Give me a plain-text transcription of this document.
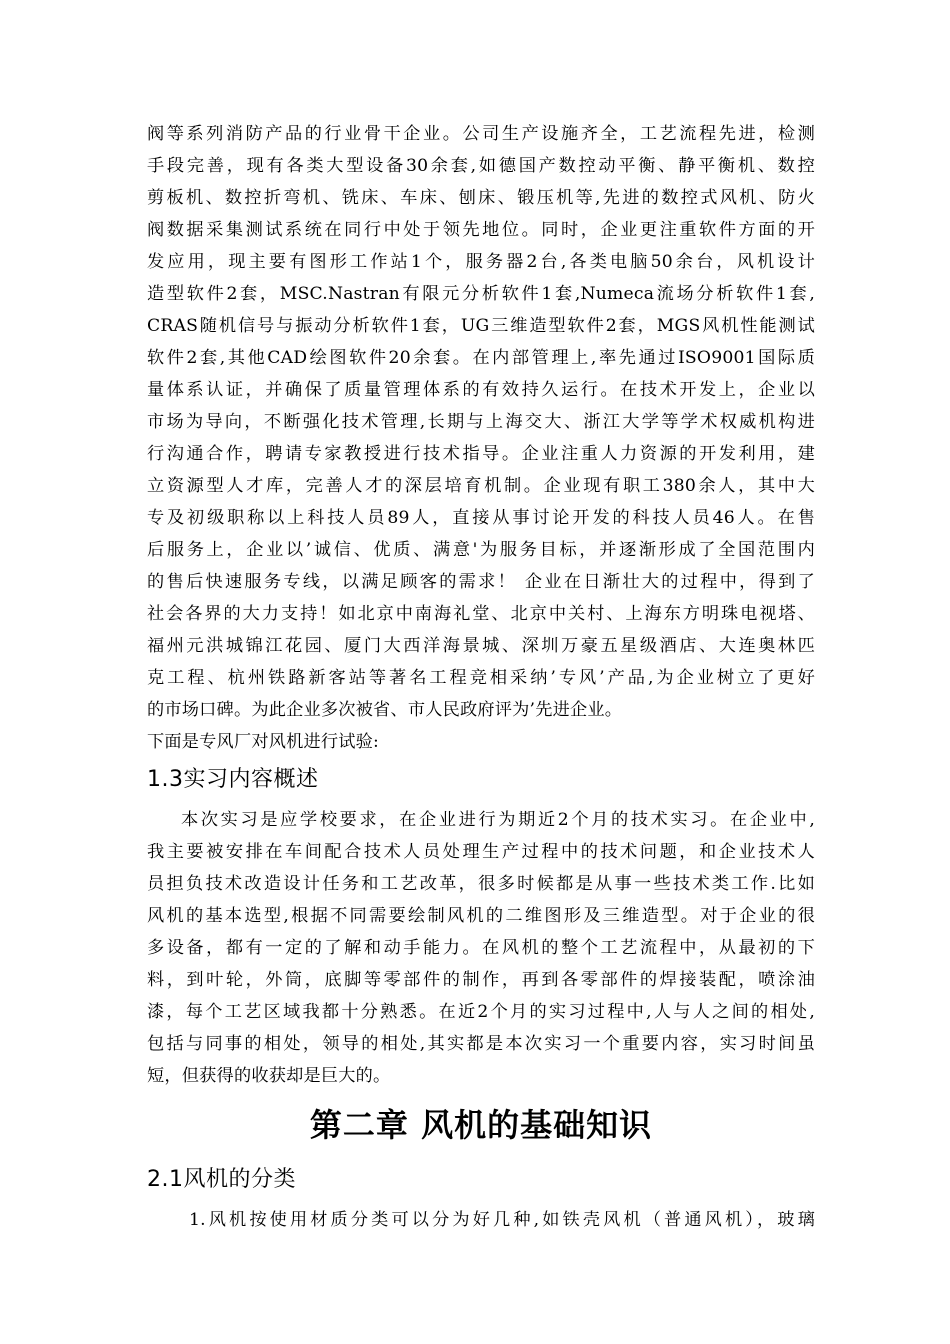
阀等系列消防产品的行业骨干企业。公司生产设施齐全，工艺流程先进，检测

手段完善，现有各类大型设备30余套,如德国产数控动平衡、静平衡机、数控

剪板机、数控折弯机、铣床、车床、刨床、锻压机等,先进的数控式风机、防火

阀数据采集测试系统在同行中处于领先地位。同时，企业更注重软件方面的开

发应用，现主要有图形工作站1个，服务器2台,各类电脑50余台，风机设计

造型软件2套，MSC.Nastran有限元分析软件1套,Numeca流场分析软件1套,

CRAS随机信号与振动分析软件1套，UG三维造型软件2套，MGS风机性能测试

软件2套,其他CAD绘图软件20余套。在内部管理上,率先通过ISO9001国际质

量体系认证，并确保了质量管理体系的有效持久运行。在技术开发上，企业以

市场为导向，不断强化技术管理,长期与上海交大、浙江大学等学术权威机构进

行沟通合作，聘请专家教授进行技术指导。企业注重人力资源的开发利用，建

立资源型人才库，完善人才的深层培育机制。企业现有职工380余人，其中大

专及初级职称以上科技人员89人，直接从事讨论开发的科技人员46人。在售

后服务上，企业以’诚信、优质、满意'为服务目标，并逐渐形成了全国范围内

的售后快速服务专线，以满足顾客的需求！ 企业在日渐壮大的过程中，得到了

社会各界的大力支持！如北京中南海礼堂、北京中关村、上海东方明珠电视塔、

福州元洪城锦江花园、厦门大西洋海景城、深圳万豪五星级酒店、大连奥林匹

克工程、杭州铁路新客站等著名工程竞相采纳’专风’产品,为企业树立了更好

的市场口碑。为此企业多次被省、市人民政府评为’先进企业。

下面是专风厂对风机进行试验:

1.3实习内容概述

本次实习是应学校要求，在企业进行为期近2个月的技术实习。在企业中,

我主要被安排在车间配合技术人员处理生产过程中的技术问题，和企业技术人

员担负技术改造设计任务和工艺改革，很多时候都是从事一些技术类工作.比如

风机的基本选型,根据不同需要绘制风机的二维图形及三维造型。对于企业的很

多设备，都有一定的了解和动手能力。在风机的整个工艺流程中，从最初的下

料，到叶轮，外筒，底脚等零部件的制作，再到各零部件的焊接装配，喷涂油

漆，每个工艺区域我都十分熟悉。在近2个月的实习过程中,人与人之间的相处,

包括与同事的相处，领导的相处,其实都是本次实习一个重要内容，实习时间虽

短，但获得的收获却是巨大的。

第二章 风机的基础知识
2.1风机的分类

1.风机按使用材质分类可以分为好几种,如铁壳风机（普通风机），玻璃
